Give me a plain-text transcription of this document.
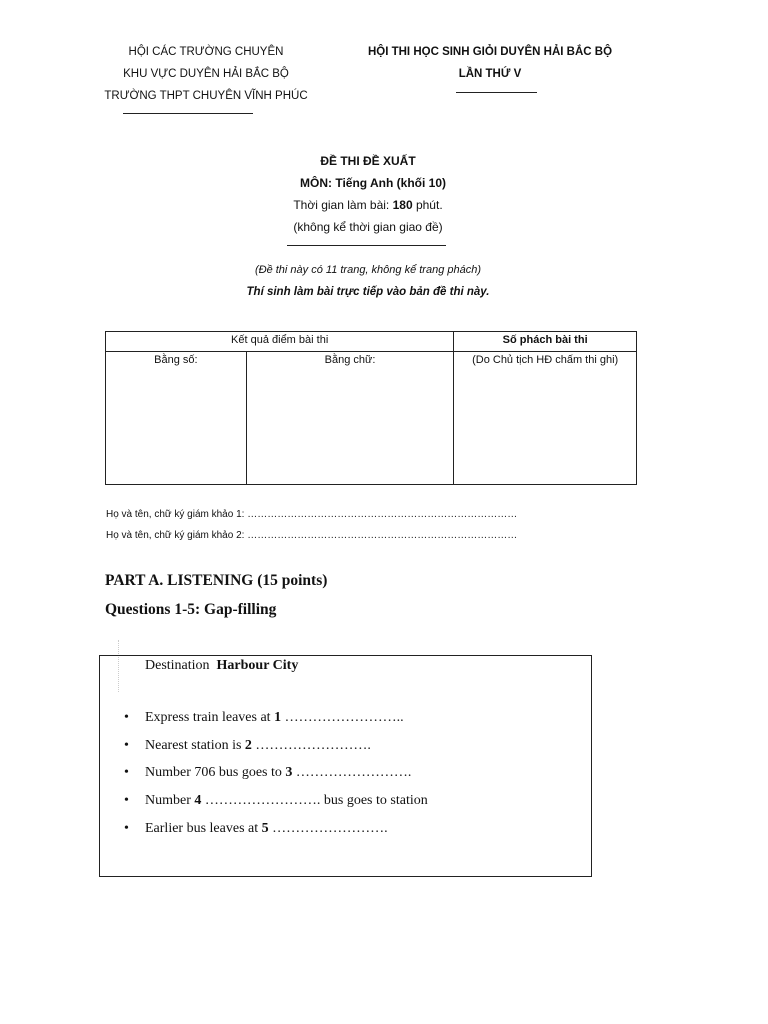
HỘI CÁC TRƯỜNG CHUYÊN
KHU VỰC DUYÊN HẢI BẮC BỘ
TRƯỜNG THPT CHUYÊN VĨNH PHÚC
HỘI THI HỌC SINH GIỎI DUYÊN HẢI BẮC BỘ
LẦN THỨ V
ĐỀ THI ĐỀ XUẤT
MÔN: Tiếng Anh (khối 10)
Thời gian làm bài: 180 phút.
(không kể thời gian giao đề)
(Đề thi này có 11 trang, không kể trang phách)
Thí sinh làm bài trực tiếp vào bản đề thi này.
Kết quả điểm bài thi		Số phách bài thi
Bằng số:	Bằng chữ:	(Do Chủ tịch HĐ chấm thi ghi)
Họ và tên, chữ ký giám khảo 1: ………………………………………………………………………
Họ và tên, chữ ký giám khảo 2: ………………………………………………………………………
PART A. LISTENING (15 points)
Questions 1-5: Gap-filling
Destination Harbour City
• Express train leaves at 1 ……………………..
• Nearest station is 2 …………………….
• Number 706 bus goes to 3 …………………….
• Number 4 ……………………. bus goes to station
• Earlier bus leaves at 5 …………………….
